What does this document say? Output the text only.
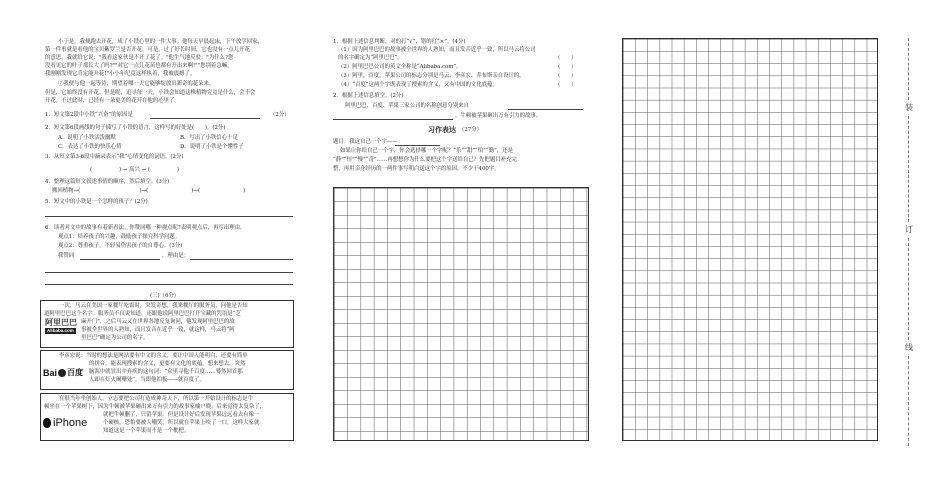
小于是，我便跑去开花，成了小铁心里的一件大事。他每天早晨起床，下午放学回家，
第一件事就是看他的宝贝紫罗兰是否开花。可是，过了好长时间，它也没有一点儿开花
的意思。我就给它说："我看这家伙是不开了花了。"他生气地反驳："为什么?您
没看见它的叶子那长大了吗?""对它一点儿花苗也都有开出来啊!""您别着急嘛，
我刚刚发现它肯定能开花!"小小年纪竟这样执着，我被震撼了。
⑦我便与他一起等待，期望着哪一天它能够绽放出新奇的花朵来。
但是，它始终没有开花。但是呢，追寻每一天，小铁会知道这株植物究竟是什么，会不会
开花。不过此时，已经有一朵更美的花开在他的心里了。
1．短文第2段中小铁“兴奋”的原因是	（2分）
2．短文第6段画线的句子插写了小铁的语言，这样写的好处是(　　)。(2分)
A．说明了小铁活泼幽默	B．写出了小铁信心十足
C．表达了小铁的快乐心情	D．说明了小铁是个懂性子
3．从短文第3-6段中摘录表示“我”心情变化的词语。(2分)
(　　　　　) → 高兴 → (　　　　　)
4．整理这篇短文叙述事情的顺序，然后填空。(3分)
搬回植物→(　　　　　　　　　　　)→(　　　　　　　　)→(　　　　　　　　)
5．短文中的小铁是一个怎样的孩子？(2分)
6．读者对文中的故事有着新看法。你赞同哪一种观点呢?表明观点后，再写出理由。
观点1：培养孩子的兴趣，鼓励孩子探究科学问题。
观点2：尊重孩子，不轻易伤害孩子的自尊心。(3分)
我赞同	，理由是：
(三)（6分）
阿里巴巴
Alibaba.com
一次，马云在美国一家餐厅吃饭时，突发奇想，我来餐厅的服务员，问他是否知
道阿里巴巴这个名字。服务员不仅说知道，还跟他说阿里巴巴打开宝藏的咒语是“芝
麻开门”，之后马云又在世界各地反复询问，他发现阿里巴巴的故
事被全世界的人熟知，而且发音在近乎一致，就这样，马云将“阿
里巴巴”确定为公司的名字。
Bai 百度
李彦宏说：当时的想法是网站要有中文的含义，要让中国人能明白，还要有简单
的拼音，能表现搜索的含义，更要有文化的底蕴。想来想去，突然
脑海中就冒出辛弃疾的这句词：“众里寻他千百度……蓦然回首那
人却在灯火阑珊处”。当即他拍板——就百度了。
iPhone
在很当年坐创始人，立志要把公司打造成神奇天下，所以第一开始设计的标志是牛
顿坐在一个苹果树下，因为牛顿被苹果砸出来万有引力的故事家喻户晓。后来觉得太复杂了，
就把牛顿删了，只留苹果。但是设计好后发现苹果远远看去有像一
个硬核，恐怕要被人嘲笑，所以就在苹果上咬了一口，这样大家就
知道这是一个苹果而不是一个枇杷。
1．根据上述信息判断，对的打“√”，错的打“×”。(4分)
（1）因为阿里巴巴的故事被全世界的人熟知，而且发音近乎一致，所以马云将公司
的名字确定为“阿里巴巴”。	（　　）
（2）阿里巴巴公司的英文全称是“Alibaba.com”。	（　　）
（3）阿里，百度，苹果公司的标志分别是马云、李彦宏、乔布斯亲自设计的。	（　　）
（4）“百度”这两个字既表现了搜索的含义，又有中国的文化底蕴。	（　　）
2．根据上述信息填空。(2分)
阿里巴巴、百度、苹果三家公司的名称创意分别来自
，牛顿被苹果砸出万有引力的故事。
习作表达 （27分）
题目：我这自己一个字——
如果让你给自己一个字，你会选择哪一个字呢？“乐”“甜”“怕”“勤”，还是
“静”“恒”“慢”“奇”……再想想你为什么要把这个字送给自己？先把题目补充完
整，再用亲身经历的一两件事写明白送这个字的原因，不少于400字。
装
订
线
